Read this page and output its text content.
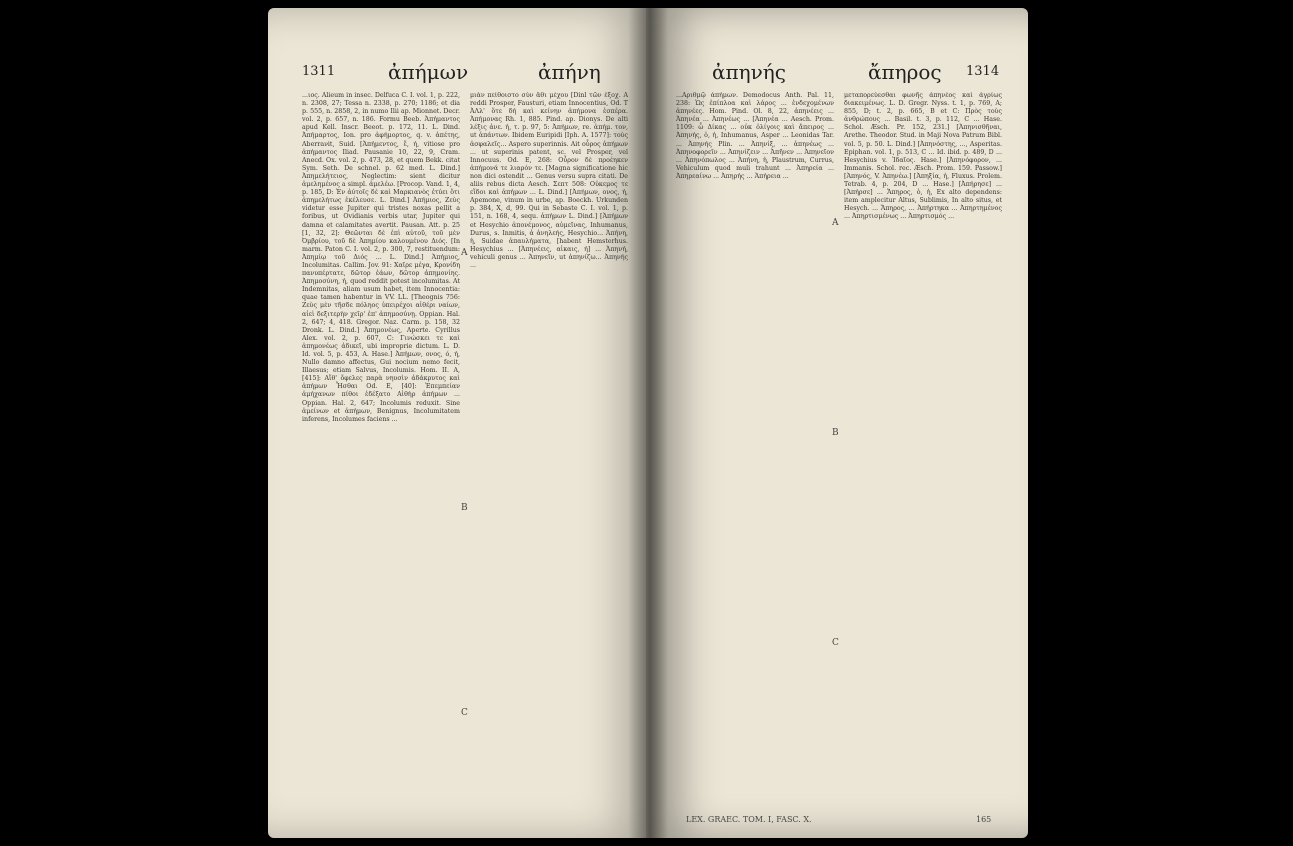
1311	ἀπήμων	ἀπήνη
...ιος. Alieum in insec. Delfuca C. I. vol. 1, p. 222, n. 2308, 27; Tessa n. 2338, p. 270; 1186; et dia p. 555, n. 2858, 2, in numo Ilii ap. Mionnet. Decr. vol. 2, p. 657, n. 186. Formu Beeb. Ἀπήμαντος apud Kell. Inscr. Beeot. p. 172, 11. L. Dind. Ἀπήμαρτος, Ion. pro ἀφήμορτος, q. v. ἀπέτης, Aberraνit, Suid. [Ἀπήμεντος, ἔ, ή, vitiose pro ἀπήμαντος Iliad. Pausanie 10, 22, 9, Cram. Anecd. Ox. vol. 2, p. 473, 28, et quem Bekk. citat Sym. Seth. De schnel. p. 62 med. L. Dind.] Ἀπημελήτειος, Neglectim: sient dicitur ἀμελημένος a simpl. ἀμελέω. [Procop. Vand. 1, 4, p. 185, D: Ἐν ἀύτοῖς δὲ καὶ Μαρκιανὸς ἐτύει ὅτι ἀπημελήτως ἐκέλευσε. L. Dind.] Ἀπήμιος, Ζεὺς videtur esse Jupiter qui tristes noxas pellit a foribus, ut Ovidianis verbis utar, Jupiter qui damna et calamitates avertit. Pausan. Att. p. 25 [1, 32, 2]: Θεῶνται δὲ ἐπὶ αὐτοῦ, τοῦ μὲν Ὀμβρίου, τοῦ δὲ Ἀπημίου καλουμένου Διός. [In marm. Paton C. I. vol. 2, p. 300, 7, restituendum: Ἀπημίῳ τοῦ Διός ... L. Dind.] Ἀπήμιος, Incolumitas. Callim. Jov. 91: Χαῖρε μέγα, Κρονίδη πανυπέρτατε, δῶτορ ἐάων, δῶτορ ἀπημονίης. Ἀπημοσύνη, ή, quod reddit potest incolumitas. At Indemnitas, aliam usum habet, item Innocentia: quae tamen habentur in VV. LL. [Theognis 756: Ζεὺς μὲν τῆσδε πόληος ὑπειρέχοι αἰθέρι ναίων, αἰεὶ δεξιτερὴν χεῖρ' ἐπ' ἀπημοσύνῃ. Oppian. Hal. 2, 647; 4, 418. Gregor. Naz. Carm. p. 158, 32 Dronk. L. Dind.] Ἀπημονέως, Aperte. Cyrillus Alex. vol. 2, p. 607, C: Γινώσκει τε καὶ ἀπημονέως ἀδικεῖ, ubi improprie dictum. L. D. Id. vol. 5, p. 453, A. Hase.] Ἀπήμων, ονος, ό, ή, Nullo damno affectus, Gui nocium nemo fecit, Illaesus; etiam Salvus, Incolumis. Hom. II. A, [415]: Αἴθ' ὄφελες παρὰ νηυσὶν ἀδάκρυτος καὶ ἀπήμων Ἧσθαι Od. E, [40]: Ἐπεμπείαν ἀμήχανων πίθοι ἐδέξατο Αἰθὴρ ἀπήμων ... Oppian. Hal. 2, 647; Incolumis reduxit. Sine ἀμείνων et ἀπήμων, Benignus, Incolumitatem inferens, Incolumes faciens ...
μιὰν πείθοιστο σὺν ἄθι μέχου [Dinl τῶν ἐξοχ. A reddi Prosper, Fausturi, etiam Innocentius, Od. Τ ἈΛλ' ὅτε δή καὶ κείνην ἀπήμονα ἐσπέρα. Ἀπήμονας Rh. 1, 885. Pind. ap. Dionys. De alti λέξις ἀνε. ἡ, τ. p. 97, 5: Ἀπήμων, re. ἀπήμ. τον, ut ἁπάντων. Ibidem Euripidi [Iph. A. 1577]: τοὺς ἀσφαλεῖς... Aspero superinnis. Ait οὖρος ἀπήμων ... ut superinis patent, sc. vel Prosper, vel Innocuus. Od. E, 268: Οὖρον δὲ προέηκεν ἀπήμονά τε λιαρόν τε. [Magna significatione hic non dici ostendit ... Genus versu supra citati. De aliis rebus dicta Aesch. Σεπτ 508: Οὐκεμος τε εἴδοι καὶ ἀπήμων ... L. Dind.] [Ἀπήμων, ονος, ή, Apemone, vinum in urbe, ap. Boeckh. Urkunden p. 384, X, d, 99. Qui in Sebaste C. I. vol. 1, p. 151, n. 168, 4, sequ. ἀπήμων L. Dind.] [Ἀπήμων et Hesychio ἀπονέμονος, αὐμεῖνας, Inhumanus, Durus, s. Inmitis, ἀ ἀνηλεής, Hesychio... Ἀπήνη, ἡ, Suidae ἀπαυλήματα, [habent Hemsterhus. Hesychius ... [Ἀπηνέεις, αἰκαις, ή] ... Ἀπηνή, vehiculi genus ... Ἀπηνεῖν, ut ἀπηνίζω... Ἀπηνής ...
A
B
C
ἀπηνής	ἄπηρος 1314
...Αριθμῷ ἀπήμων. Demodocus Anth. Pal. 11, 238: Ὡς ἐπίπλοα καὶ λάρος ... ἐνδεχομένων ἀπηνέες. Hom. Pind. Ol. 8, 22, ἀπηνέεις ... Ἀπηνέα ... Ἀπηνέως ... [Ἀπηνέα ... Aesch. Prom. 1109: ὦ Δίκας ... οὐκ ὀλίγοις καὶ ἄπειρος ... Ἀπηνής, ὁ, ἡ, Inhumanus, Asper ... Leonidas Tar. ... Ἀπηνής Plin. ... Ἀπηνίξ, ... ἀπηνέως ... Ἀπηνοφορεῖν ... Ἀπηνίζειν ... Ἀπῆνεν ... Ἀπηνεῖον ... Ἀπηνόπωλος ... Ἀπήνη, ἡ, Plaustrum, Currus, Vehiculum quod muli trahunt ... Ἀπηρεία ... Ἀπηρεαίνω ... Ἀπηρής ... Ἀπήρεια ...
μεταπορεύεσθαι φωνῆς ἀπηνέος καὶ ἀγρίως διακειμένως. L. D. Gregr. Nyss. t. 1, p. 769, A; 855, D; t. 2, p. 665, B et C: Πρὸς τοὺς ἀνθρώπους ... Basil. t. 3, p. 112, C ... Hase. Schol. Æsch. Pr. 152, 231.] [Ἀπηνισθῆναι, Arethe. Theodor. Stud. in Maji Nova Patrum Bibl. vol. 5, p. 50. L. Dind.] [Ἀπηνόστης, ..., Asperitas. Epiphan. vol. 1, p. 513, C ... Id. ibid. p. 489, D ... Hesychius v. Ἰδαῖος. Hase.] [Ἀπηνόφορον, ... Immanis. Schol. rec. Æsch. Prom. 159. Passow.] [Ἀπηνός, V. Ἀπηνέω.] [Ἀπηξία, ἡ, Fluxus. Prolem. Tetrab. 4, p. 204, D ... Hase.] [Ἀπήρησε] ... [Ἀπήρσε] ... Ἄπηρος, ὁ, ἡ, Ex alto dependens: item amplecitur Altus, Sublimis, In alto situs, et Hesych. ... Ἄπηρος, ... Ἀπήρτηκα ... Ἀπηρτημένος ... Ἀπηρτισμένως ... Ἀπηρτισμός ...
A
B
C
LEX. GRAEC. TOM. I, FASC. X.	165
